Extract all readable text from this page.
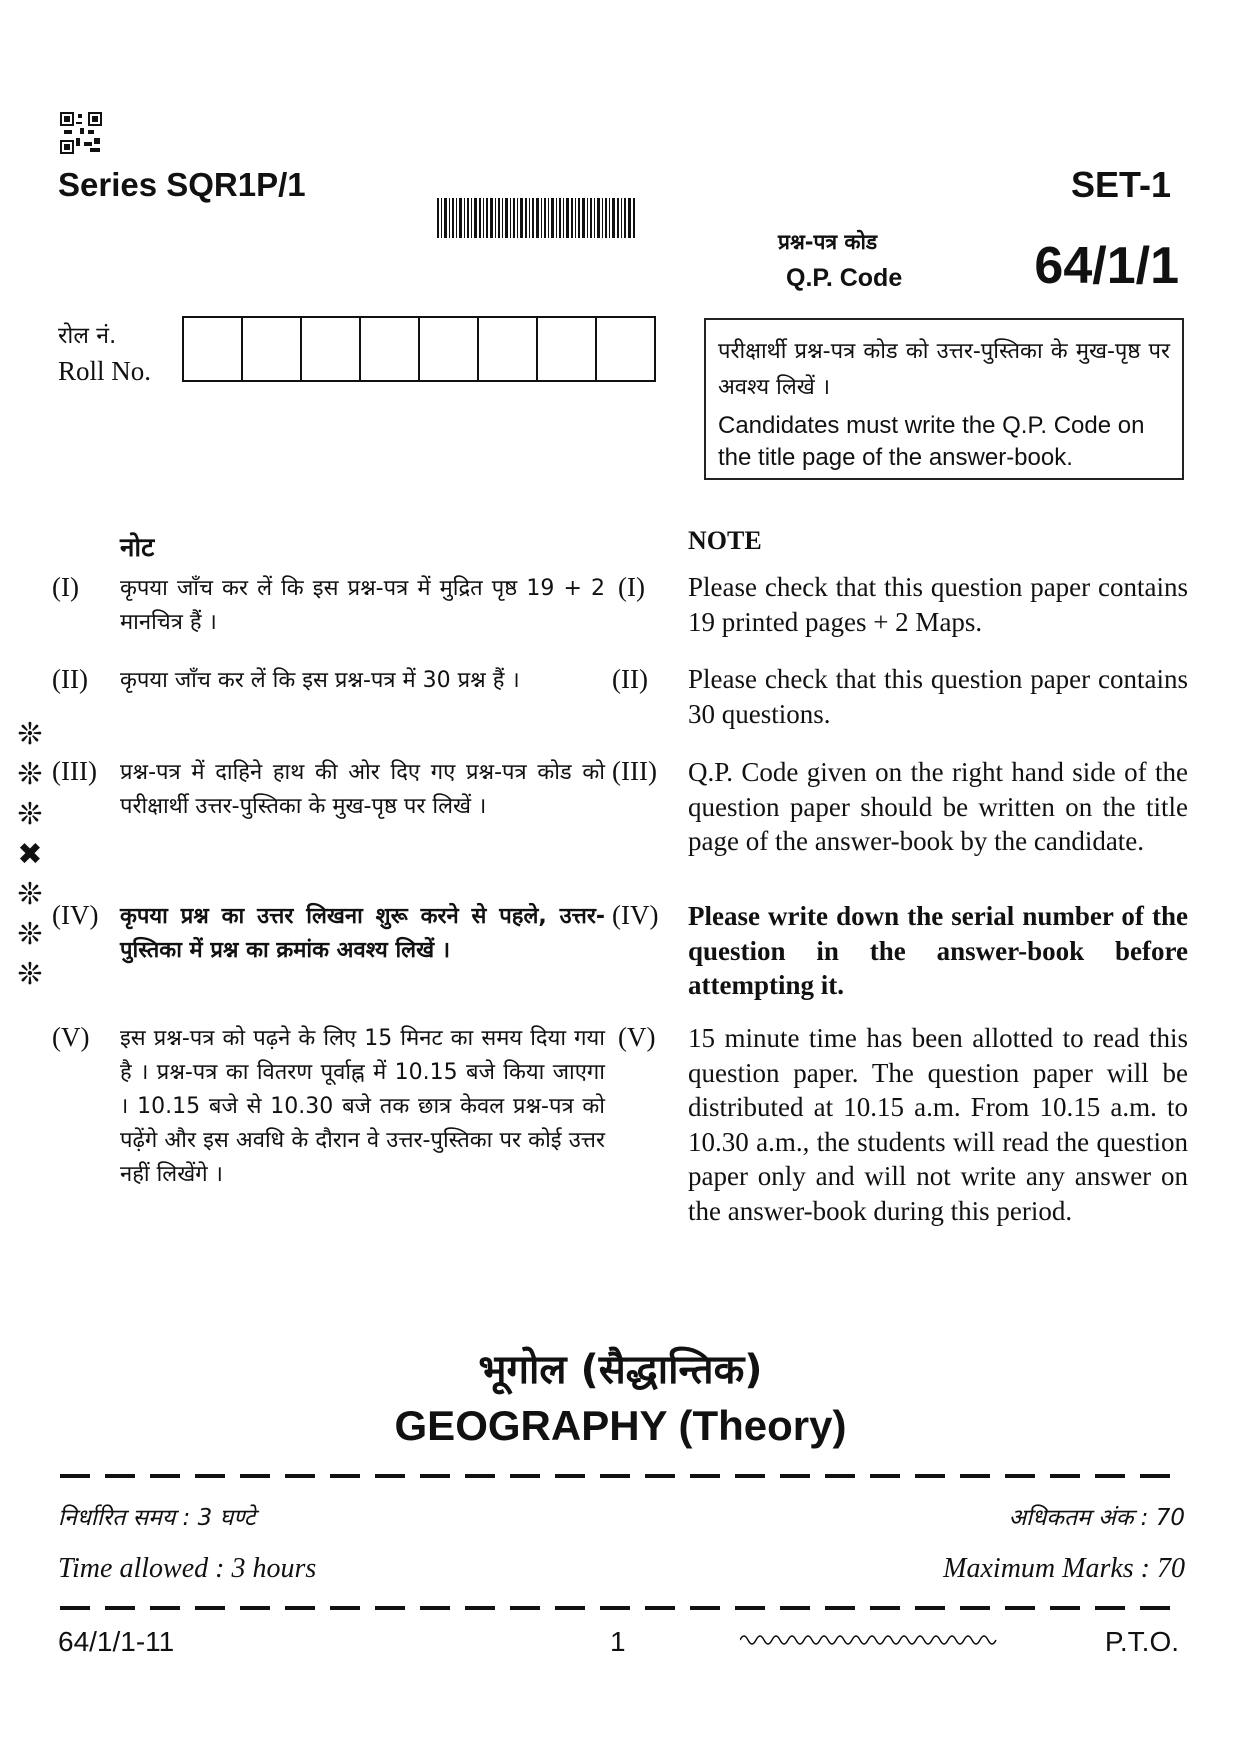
Series SQR1P/1	SET-1
प्रश्न-पत्र कोड
Q.P. Code	64/1/1
रोल नं.
Roll No.
परीक्षार्थी प्रश्न-पत्र कोड को उत्तर-पुस्तिका के मुख-पृष्ठ पर अवश्य लिखें ।
Candidates must write the Q.P. Code on the title page of the answer-book.
नोट	NOTE
(I) कृपया जाँच कर लें कि इस प्रश्न-पत्र में मुद्रित पृष्ठ 19 + 2 मानचित्र हैं ।
(I) Please check that this question paper contains 19 printed pages + 2 Maps.
(II) कृपया जाँच कर लें कि इस प्रश्न-पत्र में 30 प्रश्न हैं ।	(II) Please check that this question paper contains 30 questions.
(III) प्रश्न-पत्र में दाहिने हाथ की ओर दिए गए प्रश्न-पत्र कोड को परीक्षार्थी उत्तर-पुस्तिका के मुख-पृष्ठ पर लिखें ।
(III) Q.P. Code given on the right hand side of the question paper should be written on the title page of the answer-book by the candidate.
(IV) कृपया प्रश्न का उत्तर लिखना शुरू करने से पहले, उत्तर-पुस्तिका में प्रश्न का क्रमांक अवश्य लिखें ।
(IV) Please write down the serial number of the question in the answer-book before attempting it.
(V) इस प्रश्न-पत्र को पढ़ने के लिए 15 मिनट का समय दिया गया है । प्रश्न-पत्र का वितरण पूर्वाह्न में 10.15 बजे किया जाएगा । 10.15 बजे से 10.30 बजे तक छात्र केवल प्रश्न-पत्र को पढ़ेंगे और इस अवधि के दौरान वे उत्तर-पुस्तिका पर कोई उत्तर नहीं लिखेंगे ।
(V) 15 minute time has been allotted to read this question paper. The question paper will be distributed at 10.15 a.m. From 10.15 a.m. to 10.30 a.m., the students will read the question paper only and will not write any answer on the answer-book during this period.
❊
❊
❊
✖
❊
❊
❊
भूगोल (सैद्धान्तिक)
GEOGRAPHY (Theory)
निर्धारित समय : 3 घण्टे	अधिकतम अंक : 70
Time allowed : 3 hours	Maximum Marks : 70
64/1/1-11	1	P.T.O.
